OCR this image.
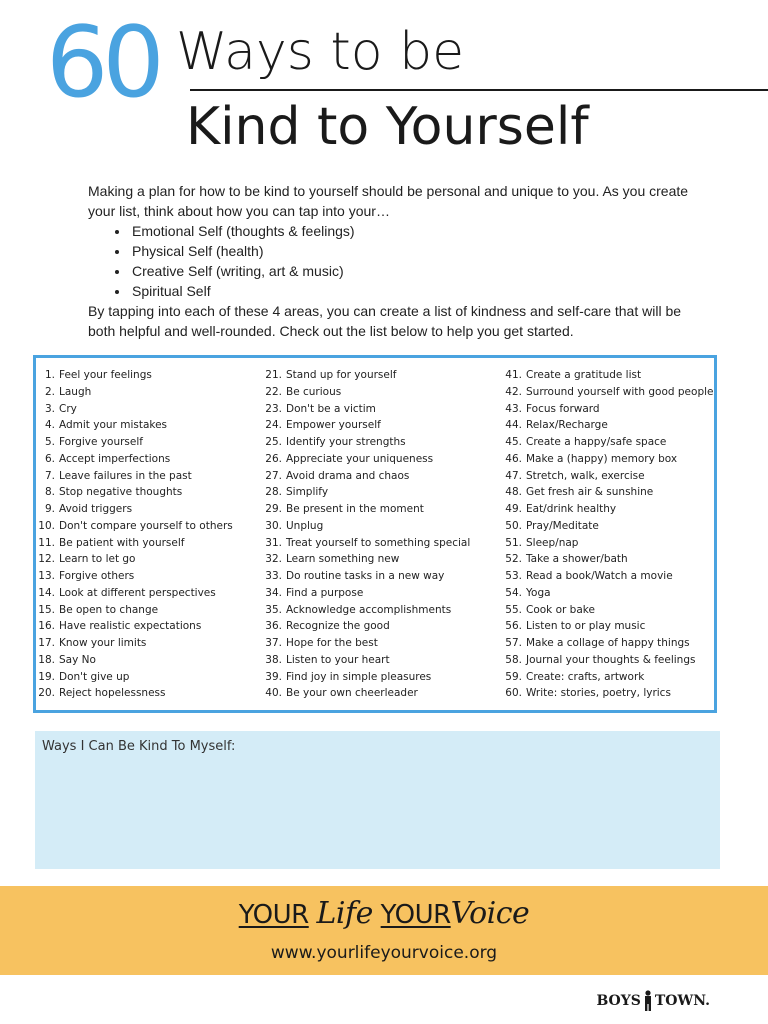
60 Ways to be
Kind to Yourself

Making a plan for how to be kind to yourself should be personal and unique to you. As you create your list, think about how you can tap into your…

• Emotional Self (thoughts & feelings)
• Physical Self (health)
• Creative Self (writing, art & music)
• Spiritual Self

By tapping into each of these 4 areas, you can create a list of kindness and self-care that will be both helpful and well-rounded. Check out the list below to help you get started.

1. Feel your feelings
2. Laugh
3. Cry
4. Admit your mistakes
5. Forgive yourself
6. Accept imperfections
7. Leave failures in the past
8. Stop negative thoughts
9. Avoid triggers
10. Don't compare yourself to others
11. Be patient with yourself
12. Learn to let go
13. Forgive others
14. Look at different perspectives
15. Be open to change
16. Have realistic expectations
17. Know your limits
18. Say No
19. Don't give up
20. Reject hopelessness
21. Stand up for yourself
22. Be curious
23. Don't be a victim
24. Empower yourself
25. Identify your strengths
26. Appreciate your uniqueness
27. Avoid drama and chaos
28. Simplify
29. Be present in the moment
30. Unplug
31. Treat yourself to something special
32. Learn something new
33. Do routine tasks in a new way
34. Find a purpose
35. Acknowledge accomplishments
36. Recognize the good
37. Hope for the best
38. Listen to your heart
39. Find joy in simple pleasures
40. Be your own cheerleader
41. Create a gratitude list
42. Surround yourself with good people
43. Focus forward
44. Relax/Recharge
45. Create a happy/safe space
46. Make a (happy) memory box
47. Stretch, walk, exercise
48. Get fresh air & sunshine
49. Eat/drink healthy
50. Pray/Meditate
51. Sleep/nap
52. Take a shower/bath
53. Read a book/Watch a movie
54. Yoga
55. Cook or bake
56. Listen to or play music
57. Make a collage of happy things
58. Journal your thoughts & feelings
59. Create: crafts, artwork
60. Write: stories, poetry, lyrics
Ways I Can Be Kind To Myself:
YOUR Life YOURVoice
www.yourlifeyourvoice.org
BOYS TOWN.
